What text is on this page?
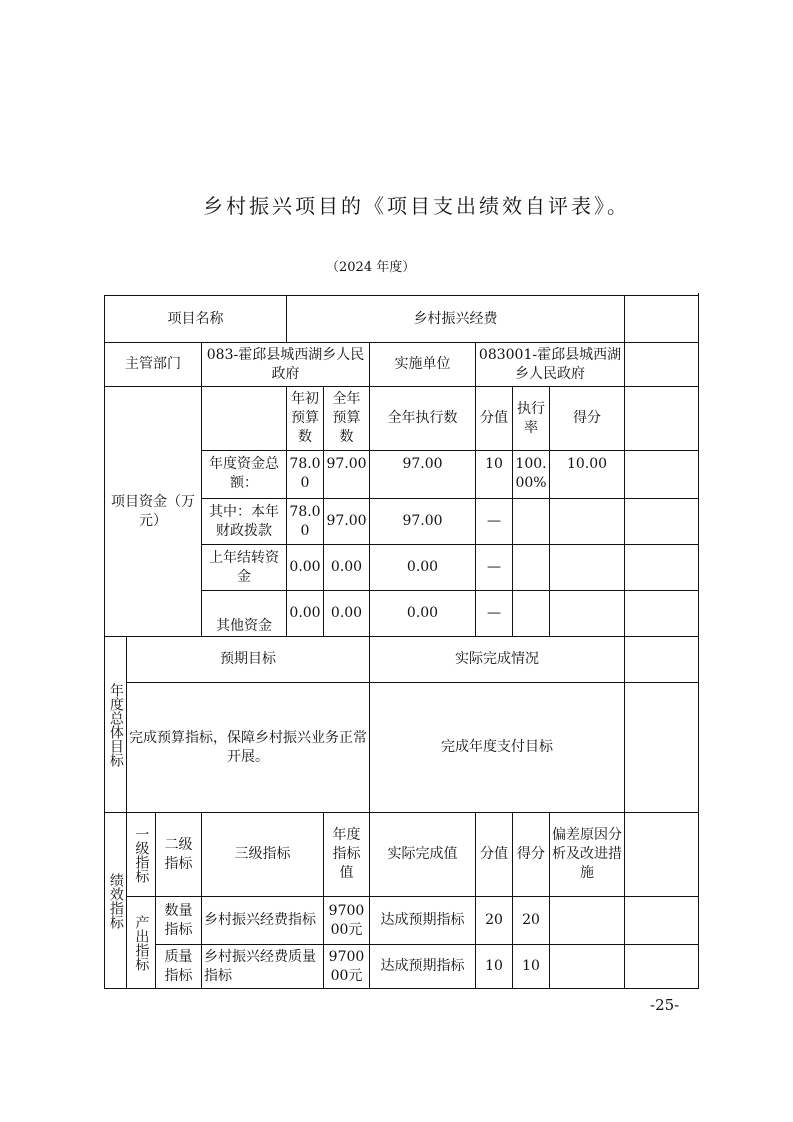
乡村振兴项目的《项目支出绩效自评表》。
（2024 年度）
项目名称				乡村振兴经费						
主管部门			083-霍邱县城西湖乡人民政府			实施单位	083001-霍邱县城西湖乡人民政府			
项目资金（万元）				年初预算数	全年预算数	全年执行数	分值	执行率	得分	
			年度资金总额：	78.00	97.00	97.00	10	100.00%	10.00	
			其中：本年财政拨款	78.00	97.00	97.00	—			
			上年结转资金	0.00	0.00	0.00	—			
			其他资金	0.00	0.00	0.00	—			

年度总体目标	预期目标					实际完成情况				
	完成预算指标，保障乡村振兴业务正常开展。					完成年度支付目标				

绩效指标	一级指标	二级指标	三级指标		年度指标值	实际完成值	分值	得分	偏差原因分析及改进措施	

	产出指标	数量指标	乡村振兴经费指标		970000元	达成预期指标	20	20		
		质量指标	乡村振兴经费质量指标		970000元	达成预期指标	10	10		
-25-
